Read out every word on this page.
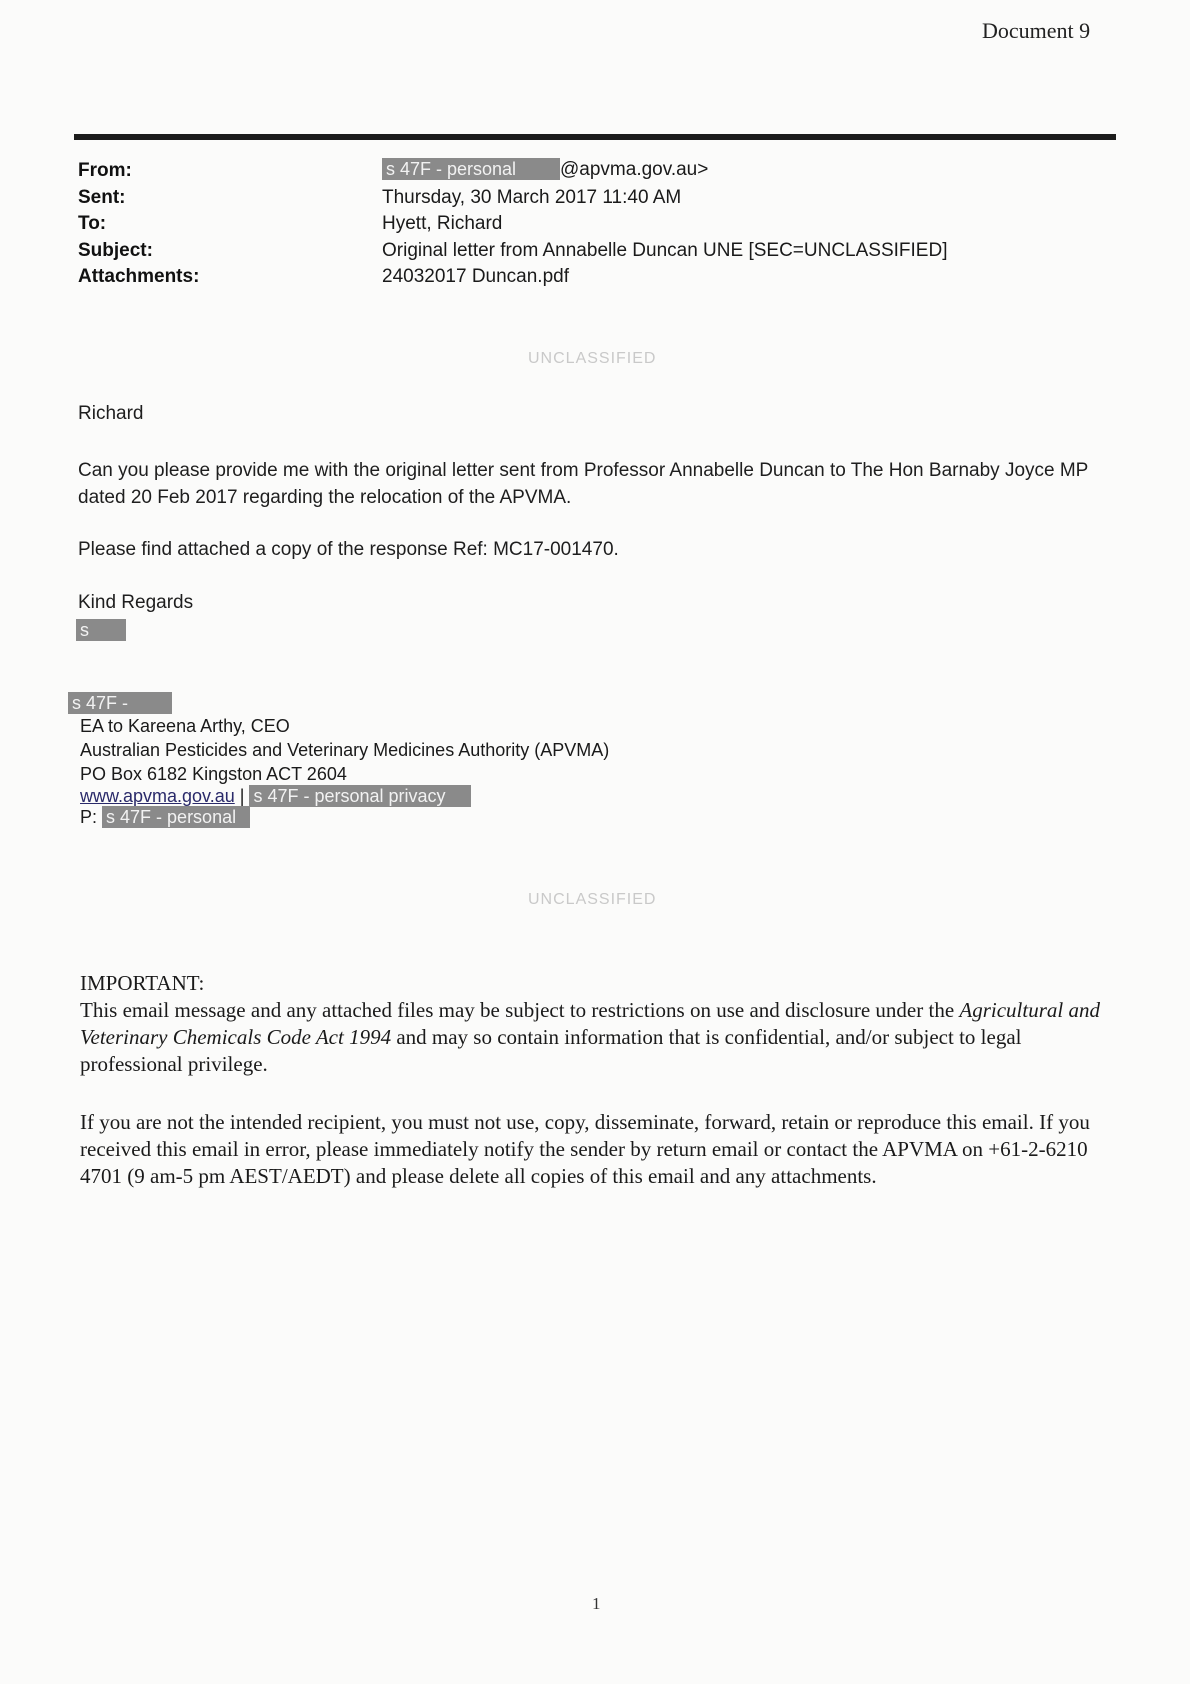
Document 9
From:	s 47F - personal @apvma.gov.au>
Sent:	Thursday, 30 March 2017 11:40 AM
To:	Hyett, Richard
Subject:	Original letter from Annabelle Duncan UNE [SEC=UNCLASSIFIED]
Attachments:	24032017 Duncan.pdf
UNCLASSIFIED
Richard
Can you please provide me with the original letter sent from Professor Annabelle Duncan to The Hon Barnaby Joyce MP dated 20 Feb 2017 regarding the relocation of the APVMA.
Please find attached a copy of the response Ref: MC17-001470.
Kind Regards
s
s 47F -
EA to Kareena Arthy, CEO
Australian Pesticides and Veterinary Medicines Authority (APVMA)
PO Box 6182 Kingston ACT 2604
www.apvma.gov.au | s 47F - personal privacy
P: s 47F - personal
UNCLASSIFIED
IMPORTANT:
This email message and any attached files may be subject to restrictions on use and disclosure under the Agricultural and Veterinary Chemicals Code Act 1994 and may so contain information that is confidential, and/or subject to legal professional privilege.
If you are not the intended recipient, you must not use, copy, disseminate, forward, retain or reproduce this email. If you received this email in error, please immediately notify the sender by return email or contact the APVMA on +61-2-6210 4701 (9 am-5 pm AEST/AEDT) and please delete all copies of this email and any attachments.
1
